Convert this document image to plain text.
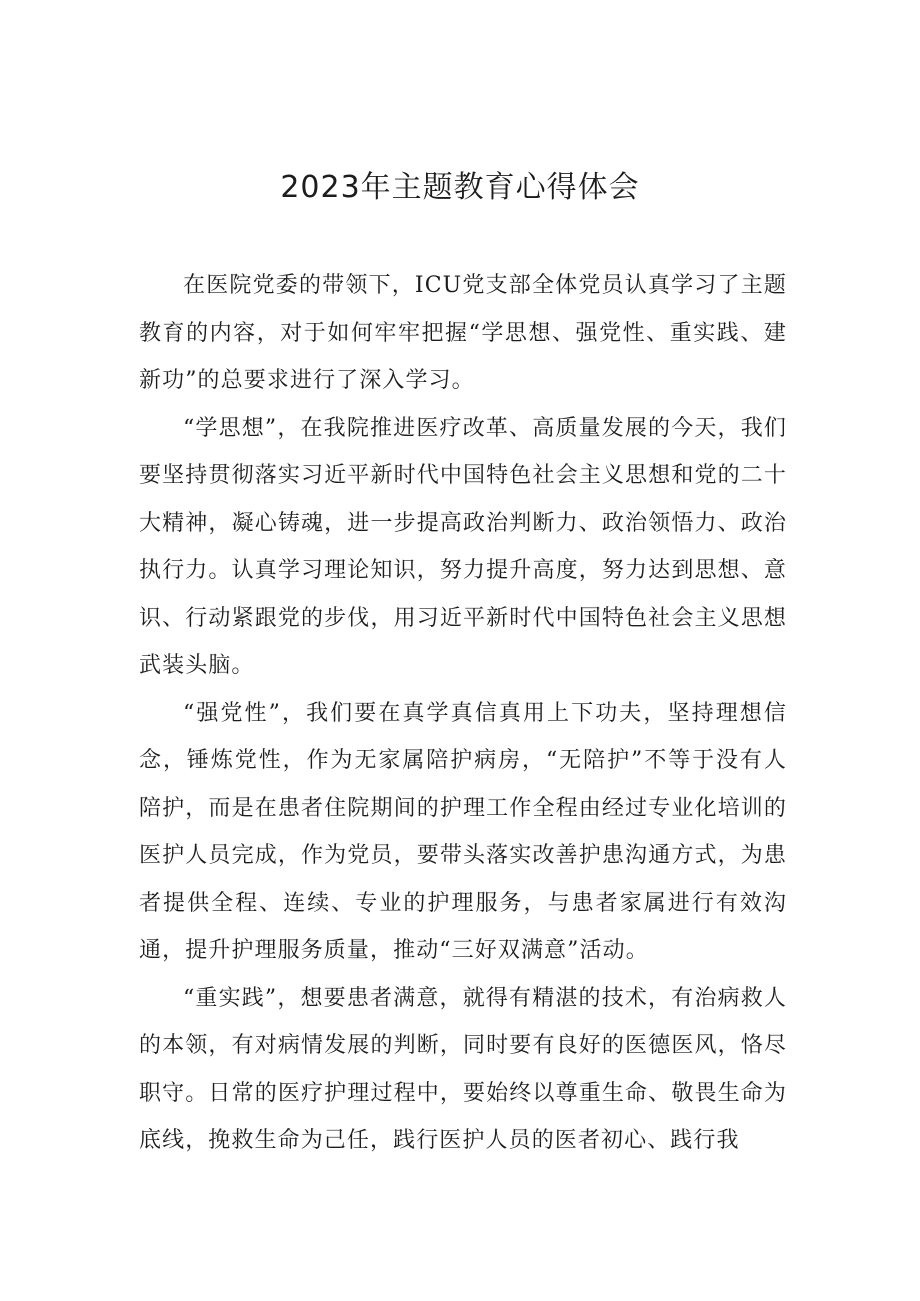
2023年主题教育心得体会

在医院党委的带领下，ICU党支部全体党员认真学习了主题教育的内容，对于如何牢牢把握“学思想、强党性、重实践、建新功”的总要求进行了深入学习。

“学思想”，在我院推进医疗改革、高质量发展的今天，我们要坚持贯彻落实习近平新时代中国特色社会主义思想和党的二十大精神，凝心铸魂，进一步提高政治判断力、政治领悟力、政治执行力。认真学习理论知识，努力提升高度，努力达到思想、意识、行动紧跟党的步伐，用习近平新时代中国特色社会主义思想武装头脑。

“强党性”，我们要在真学真信真用上下功夫，坚持理想信念，锤炼党性，作为无家属陪护病房，“无陪护”不等于没有人陪护，而是在患者住院期间的护理工作全程由经过专业化培训的医护人员完成，作为党员，要带头落实改善护患沟通方式，为患者提供全程、连续、专业的护理服务，与患者家属进行有效沟通，提升护理服务质量，推动“三好双满意”活动。

“重实践”，想要患者满意，就得有精湛的技术，有治病救人的本领，有对病情发展的判断，同时要有良好的医德医风，恪尽职守。日常的医疗护理过程中，要始终以尊重生命、敬畏生命为底线，挽救生命为己任，践行医护人员的医者初心、践行我
